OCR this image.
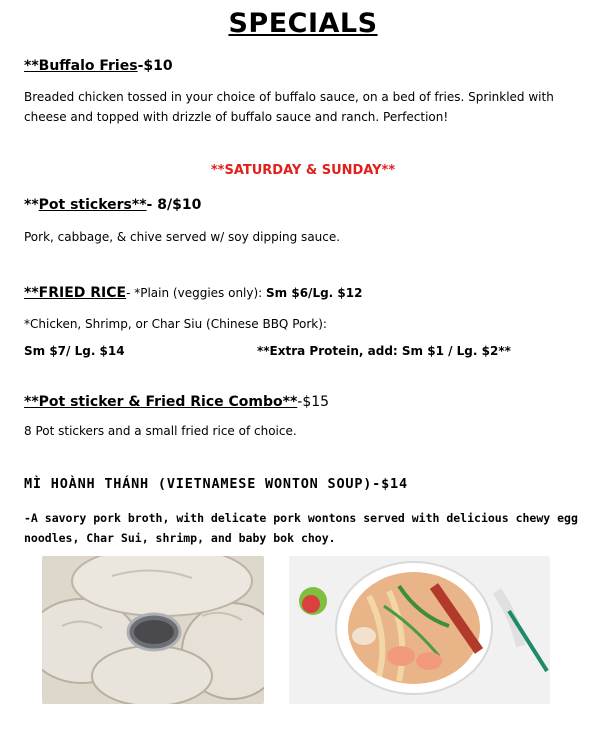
SPECIALS
**Buffalo Fries-$10
Breaded chicken tossed in your choice of buffalo sauce, on a bed of fries. Sprinkled with cheese and topped with drizzle of buffalo sauce and ranch. Perfection!
**SATURDAY & SUNDAY**
**Pot stickers**- 8/$10
Pork, cabbage, & chive served w/ soy dipping sauce.
**FRIED RICE- *Plain (veggies only): Sm $6/Lg. $12
*Chicken, Shrimp, or Char Siu (Chinese BBQ Pork):
Sm $7/ Lg. $14	**Extra Protein, add: Sm $1 / Lg. $2**
**Pot sticker & Fried Rice Combo**-$15
8 Pot stickers and a small fried rice of choice.
MÌ HOÀNH THÁNH (VIETNAMESE WONTON SOUP)-$14
-A savory pork broth, with delicate pork wontons served with delicious chewy egg noodles, Char Sui, shrimp, and baby bok choy.
